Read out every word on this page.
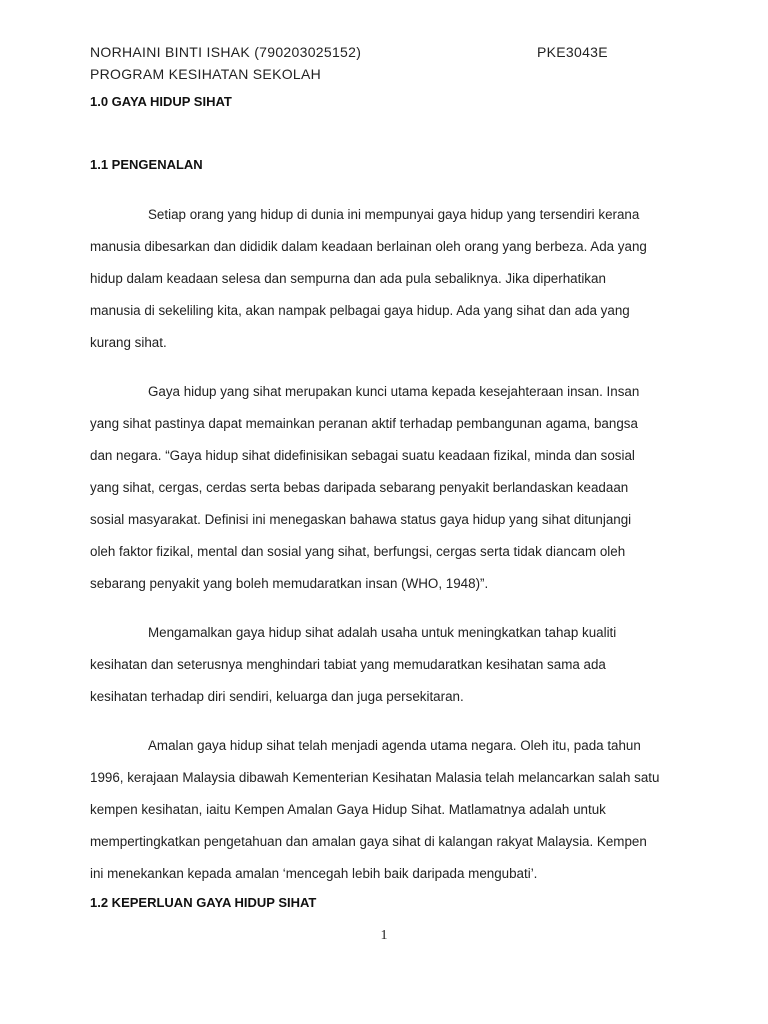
NORHAINI BINTI ISHAK (790203025152)	PKE3043E
PROGRAM KESIHATAN SEKOLAH
1.0 GAYA HIDUP SIHAT
1.1 PENGENALAN
Setiap orang yang hidup di dunia ini mempunyai gaya hidup yang tersendiri kerana
manusia dibesarkan dan dididik dalam keadaan berlainan oleh orang yang berbeza. Ada yang
hidup dalam keadaan selesa dan sempurna dan ada pula sebaliknya. Jika diperhatikan
manusia di sekeliling kita, akan nampak pelbagai gaya hidup. Ada yang sihat dan ada yang
kurang sihat.
Gaya hidup yang sihat merupakan kunci utama kepada kesejahteraan insan. Insan
yang sihat pastinya dapat memainkan peranan aktif terhadap pembangunan agama, bangsa
dan negara. “Gaya hidup sihat didefinisikan sebagai suatu keadaan fizikal, minda dan sosial
yang sihat, cergas, cerdas serta bebas daripada sebarang penyakit berlandaskan keadaan
sosial masyarakat. Definisi ini menegaskan bahawa status gaya hidup yang sihat ditunjangi
oleh faktor fizikal, mental dan sosial yang sihat, berfungsi, cergas serta tidak diancam oleh
sebarang penyakit yang boleh memudaratkan insan (WHO, 1948)”.
Mengamalkan gaya hidup sihat adalah usaha untuk meningkatkan tahap kualiti
kesihatan dan seterusnya menghindari tabiat yang memudaratkan kesihatan sama ada
kesihatan terhadap diri sendiri, keluarga dan juga persekitaran.
Amalan gaya hidup sihat telah menjadi agenda utama negara. Oleh itu, pada tahun
1996, kerajaan Malaysia dibawah Kementerian Kesihatan Malasia telah melancarkan salah satu
kempen kesihatan, iaitu Kempen Amalan Gaya Hidup Sihat. Matlamatnya adalah untuk
mempertingkatkan pengetahuan dan amalan gaya sihat di kalangan rakyat Malaysia. Kempen
ini menekankan kepada amalan ‘mencegah lebih baik daripada mengubati’.
1.2 KEPERLUAN GAYA HIDUP SIHAT
1
